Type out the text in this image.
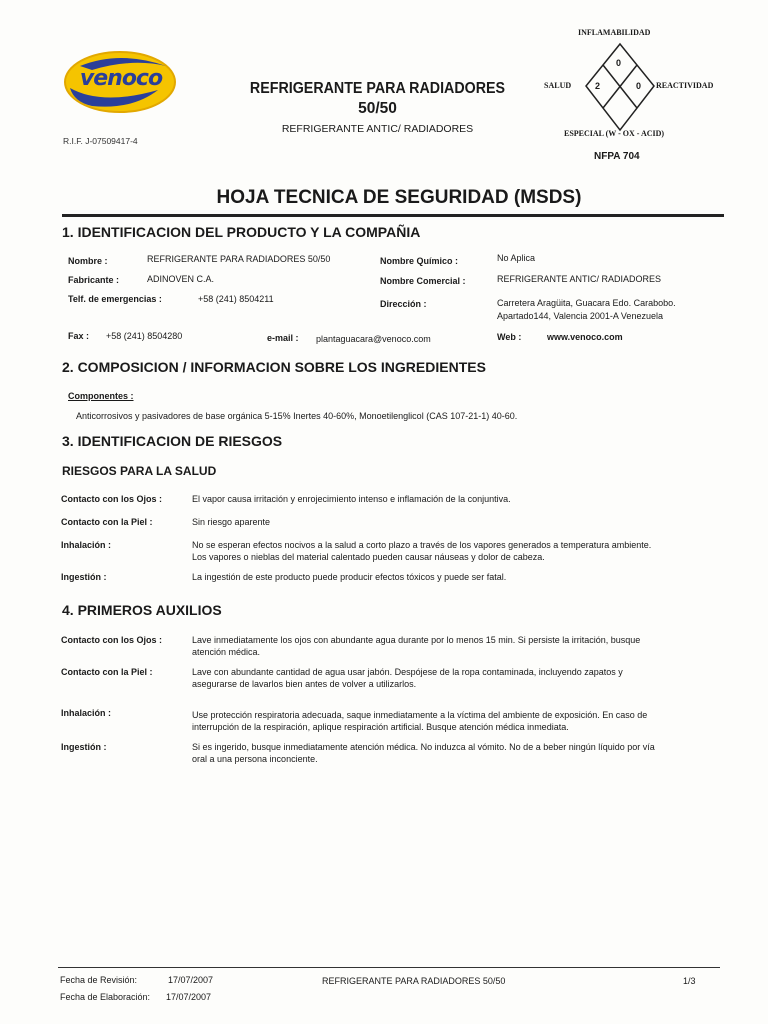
venoco
R.I.F. J-07509417-4
REFRIGERANTE PARA RADIADORES
50/50
REFRIGERANTE ANTIC/ RADIADORES
INFLAMABILIDAD
SALUD	REACTIVIDAD
ESPECIAL (W - OX - ACID)
0
2	0
NFPA 704
HOJA TECNICA DE SEGURIDAD (MSDS)
1. IDENTIFICACION DEL PRODUCTO Y LA COMPAÑIA
Nombre :	REFRIGERANTE PARA RADIADORES 50/50
Fabricante :	ADINOVEN C.A.
Telf. de emergencias :	+58 (241) 8504211
Nombre Químico :	No Aplica
Nombre Comercial :	REFRIGERANTE ANTIC/ RADIADORES
Dirección :	Carretera Aragüita, Guacara Edo. Carabobo.
Apartado144, Valencia 2001-A Venezuela
Fax : +58 (241) 8504280	e-mail : plantaguacara@venoco.com	Web :	www.venoco.com
2. COMPOSICION / INFORMACION SOBRE LOS INGREDIENTES
Componentes :
Anticorrosivos y pasivadores de base orgánica 5-15% Inertes 40-60%, Monoetilenglicol (CAS 107-21-1) 40-60.
3. IDENTIFICACION DE RIESGOS
RIESGOS PARA LA SALUD
Contacto con los Ojos :	El vapor causa irritación y enrojecimiento intenso e inflamación de la conjuntiva.
Contacto con la Piel :	Sin riesgo aparente
Inhalación :	No se esperan efectos nocivos a la salud a corto plazo a través de los vapores generados a temperatura ambiente.
Los vapores o nieblas del material calentado pueden causar náuseas y dolor de cabeza.
Ingestión :	La ingestión de este producto puede producir efectos tóxicos y puede ser fatal.
4. PRIMEROS AUXILIOS
Contacto con los Ojos :	Lave inmediatamente los ojos con abundante agua durante por lo menos 15 min. Si persiste la irritación, busque
atención médica.
Contacto con la Piel :	Lave con abundante cantidad de agua usar jabón. Despójese de la ropa contaminada, incluyendo zapatos y
asegurarse de lavarlos bien antes de volver a utilizarlos.
Inhalación :	Use protección respiratoria adecuada, saque inmediatamente a la víctima del ambiente de exposición. En caso de
interrupción de la respiración, aplique respiración artificial. Busque atención médica inmediata.
Ingestión :	Si es ingerido, busque inmediatamente atención médica. No induzca al vómito. No de a beber ningún líquido por vía
oral a una persona inconciente.
Fecha de Revisión:	17/07/2007
Fecha de Elaboración: 17/07/2007
REFRIGERANTE PARA RADIADORES 50/50	1/3
